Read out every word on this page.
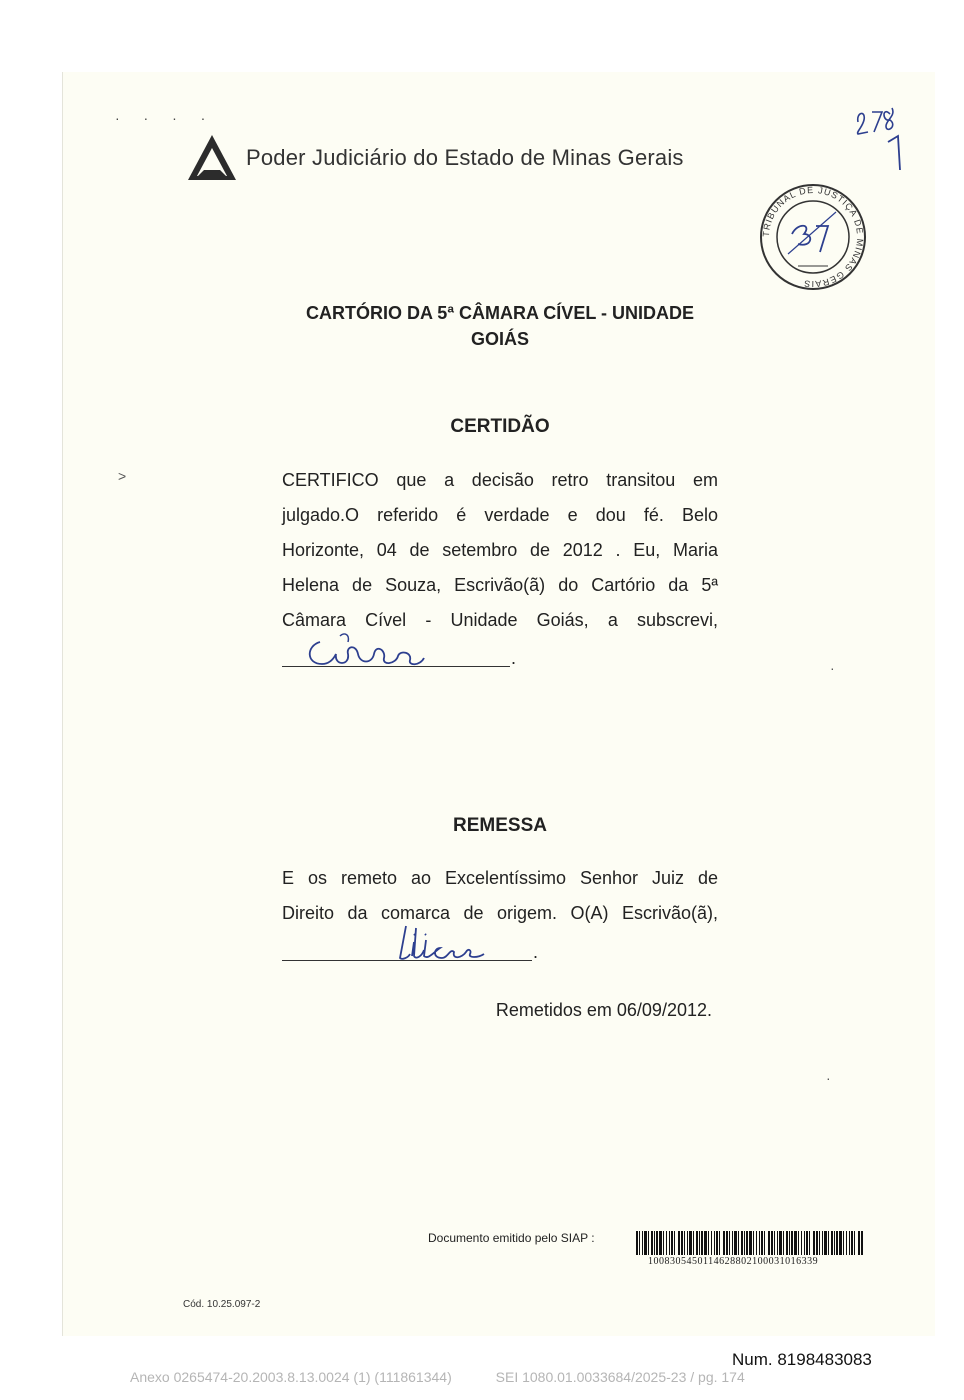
· · · ·
˃
·
·
Poder Judiciário do Estado de Minas Gerais
TRIBUNAL DE JUSTIÇA DE MINAS GERAIS
CARTÓRIO DA 5ª CÂMARA CÍVEL - UNIDADE
GOIÁS
CERTIDÃO
CERTIFICO que a decisão retro transitou em
julgado.O referido é verdade e dou fé. Belo
Horizonte, 04 de setembro de 2012 . Eu, Maria
Helena de Souza, Escrivão(ã) do Cartório da 5ª
Câmara Cível - Unidade Goiás, a subscrevi,
.
REMESSA
E os remeto ao Excelentíssimo Senhor Juiz de
Direito da comarca de origem. O(A) Escrivão(ã),
.
Remetidos em 06/09/2012.
Documento emitido pelo SIAP :
1008305450114628802100031016339
Cód. 10.25.097-2
Num. 8198483083
Anexo 0265474-20.2003.8.13.0024 (1) (111861344)	SEI 1080.01.0033684/2025-23 / pg. 174
